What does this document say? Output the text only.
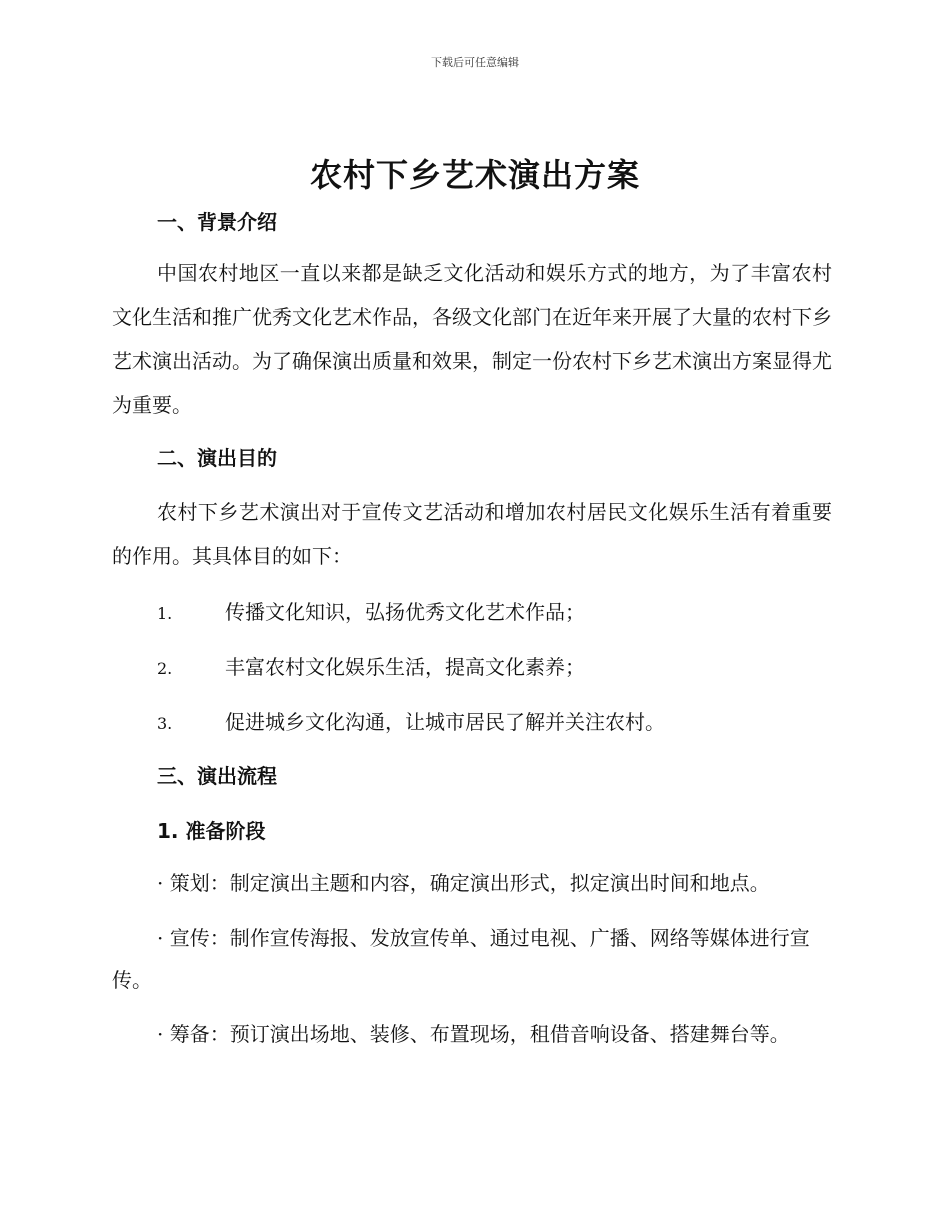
下载后可任意编辑
农村下乡艺术演出方案
一、背景介绍

中国农村地区一直以来都是缺乏文化活动和娱乐方式的地方，为了丰富农村文化生活和推广优秀文化艺术作品，各级文化部门在近年来开展了大量的农村下乡艺术演出活动。为了确保演出质量和效果，制定一份农村下乡艺术演出方案显得尤为重要。

二、演出目的

农村下乡艺术演出对于宣传文艺活动和增加农村居民文化娱乐生活有着重要的作用。其具体目的如下：

1.	传播文化知识，弘扬优秀文化艺术作品；
2.	丰富农村文化娱乐生活，提高文化素养；
3.	促进城乡文化沟通，让城市居民了解并关注农村。
三、演出流程
1. 准备阶段

· 策划：制定演出主题和内容，确定演出形式，拟定演出时间和地点。

· 宣传：制作宣传海报、发放宣传单、通过电视、广播、网络等媒体进行宣传。

· 筹备：预订演出场地、装修、布置现场，租借音响设备、搭建舞台等。
